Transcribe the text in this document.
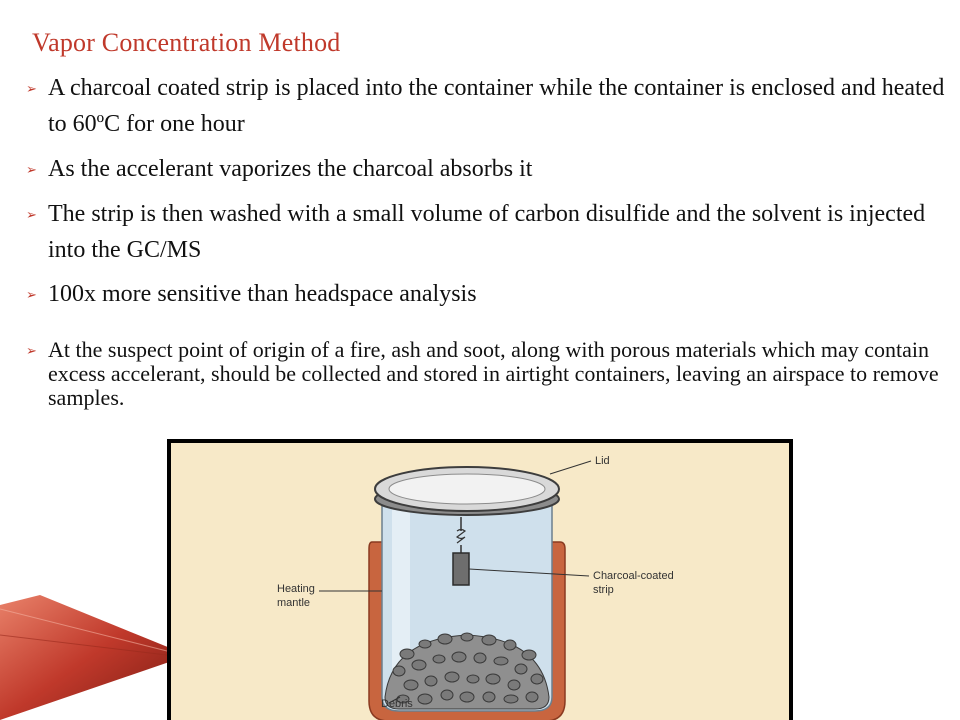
Vapor Concentration Method
➢ A charcoal coated strip is placed into the container while the container is enclosed and heated to 60ºC for one hour
➢ As the accelerant vaporizes the charcoal absorbs it
➢ The strip is then washed with a small volume of carbon disulfide and the solvent is injected into the GC/MS
➢ 100x more sensitive than headspace analysis
➢ At the suspect point of origin of a fire, ash and soot, along with porous materials which may contain excess accelerant, should be collected and stored in airtight containers, leaving an airspace to remove samples.
Lid
Charcoal-coated
strip
Heating
mantle
Debris
